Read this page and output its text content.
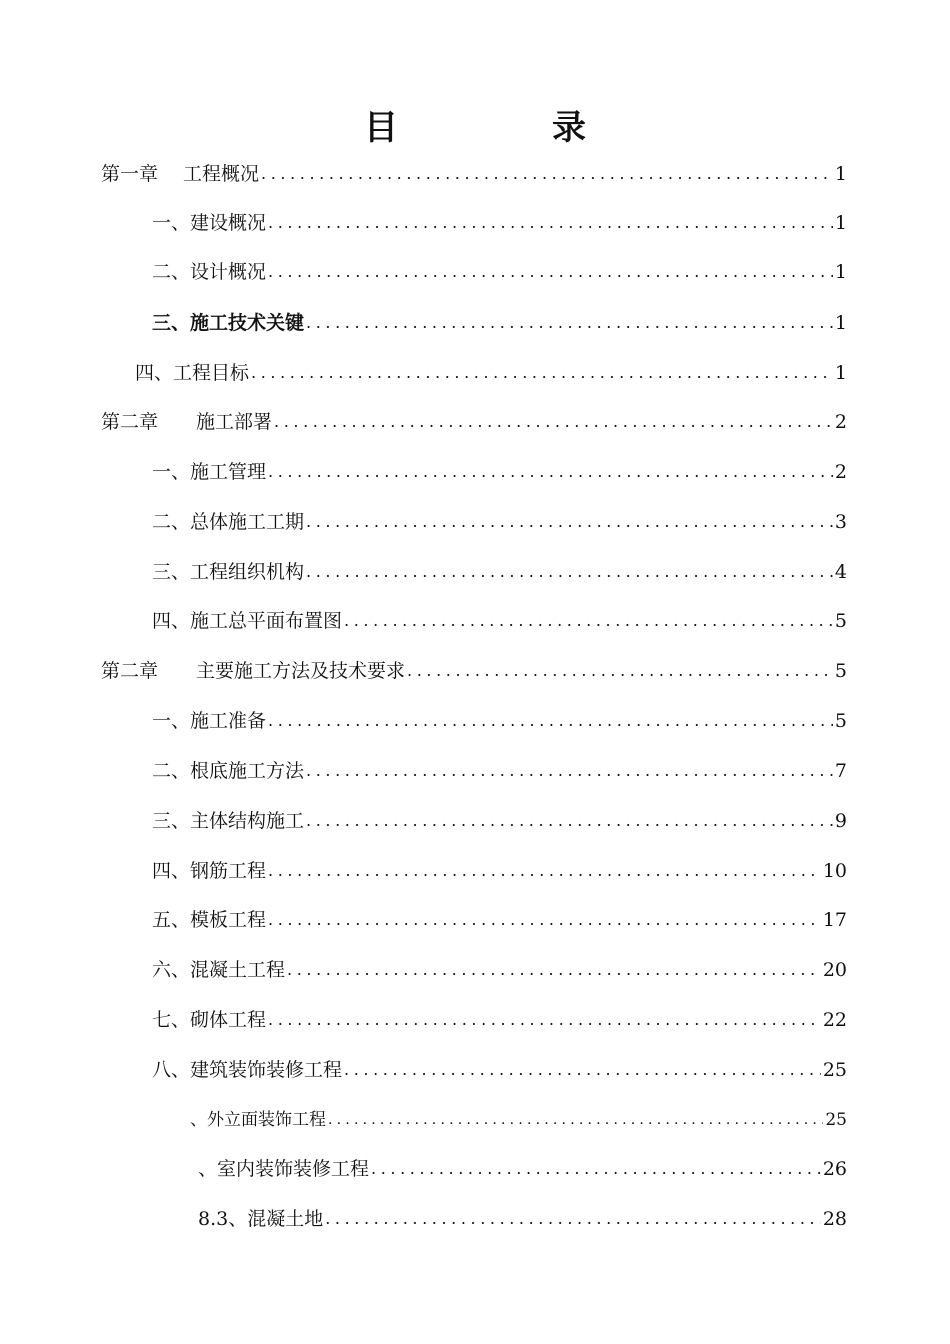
目　录
第一章　 工程概况 .....	1
一、建设概况 .....	1
二、设计概况 .....	1
三、施工技术关键 .....	1
四、工程目标 .....	1
第二章　　施工部署 .....	2
一、施工管理 .....	2
二、总体施工工期 .....	3
三、工程组织机构 .....	4
四、施工总平面布置图 .....	5
第二章　　主要施工方法及技术要求 .....	5
一、施工准备 .....	5
二、根底施工方法 .....	7
三、主体结构施工 .....	9
四、钢筋工程 .....	10
五、模板工程 .....	17
六、混凝土工程 .....	20
七、砌体工程 .....	22
八、建筑装饰装修工程 .....	25
、外立面装饰工程 .....	25
、室内装饰装修工程 .....	26
8.3、混凝土地 .....	28
